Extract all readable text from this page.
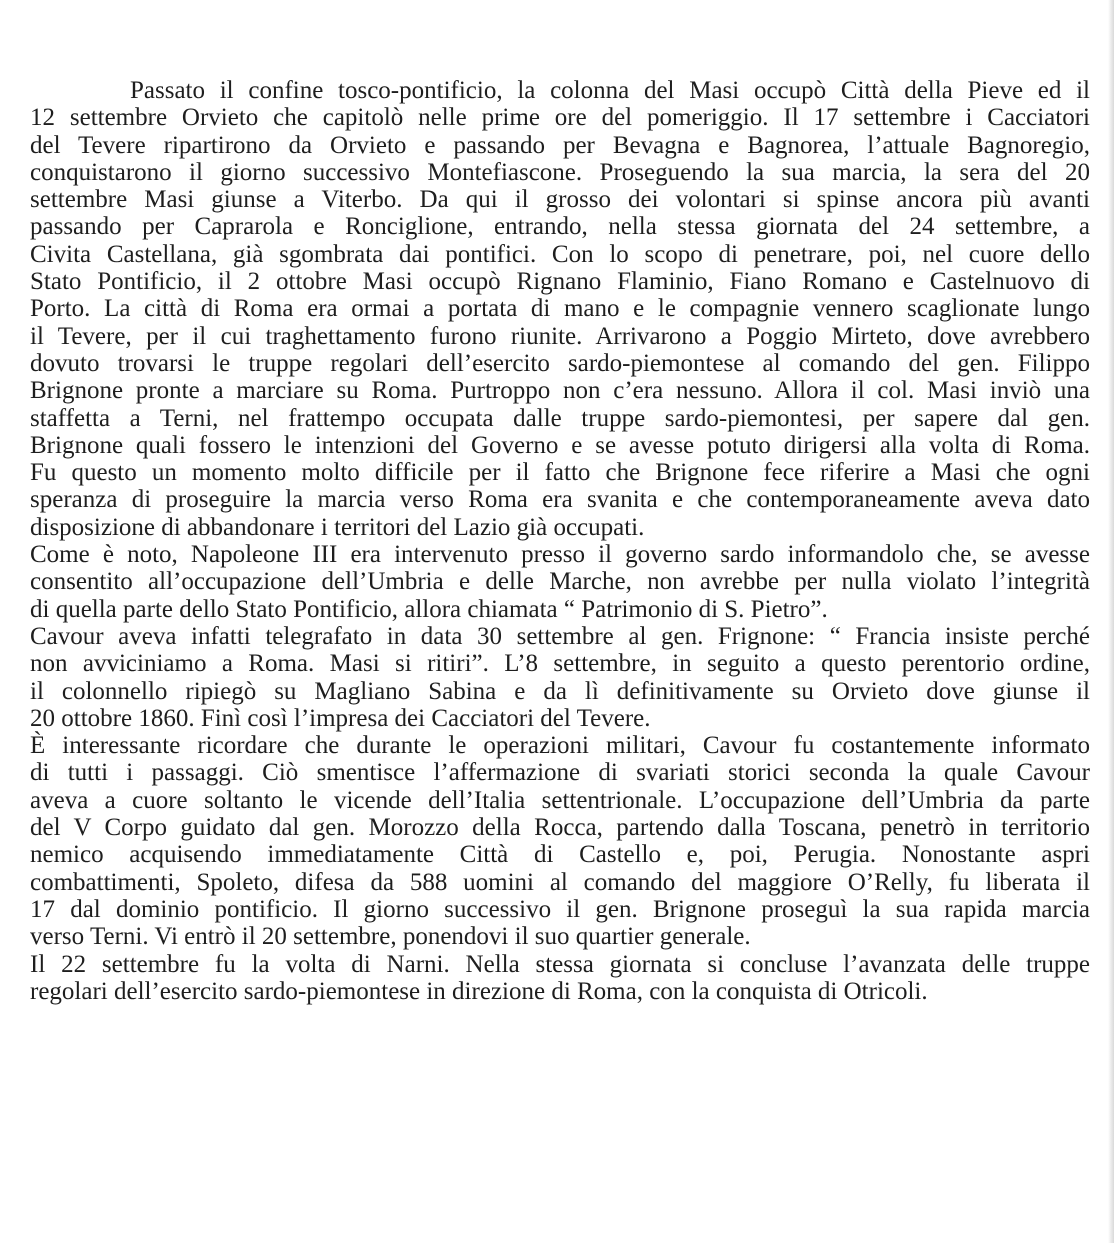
Passato il confine tosco-pontificio, la colonna del Masi occupò Città della Pieve ed il
12 settembre Orvieto che capitolò nelle prime ore del pomeriggio. Il 17 settembre i Cacciatori
del Tevere ripartirono da Orvieto e passando per Bevagna e Bagnorea, l’attuale Bagnoregio,
conquistarono il giorno successivo Montefiascone. Proseguendo la sua marcia, la sera del 20
settembre Masi giunse a Viterbo. Da qui il grosso dei volontari si spinse ancora più avanti
passando per Caprarola e Ronciglione, entrando, nella stessa giornata del 24 settembre, a
Civita Castellana, già sgombrata dai pontifici. Con lo scopo di penetrare, poi, nel cuore dello
Stato Pontificio, il 2 ottobre Masi occupò Rignano Flaminio, Fiano Romano e Castelnuovo di
Porto. La città di Roma era ormai a portata di mano e le compagnie vennero scaglionate lungo
il Tevere, per il cui traghettamento furono riunite. Arrivarono a Poggio Mirteto, dove avrebbero
dovuto trovarsi le truppe regolari dell’esercito sardo-piemontese al comando del gen. Filippo
Brignone pronte a marciare su Roma. Purtroppo non c’era nessuno. Allora il col. Masi inviò una
staffetta a Terni, nel frattempo occupata dalle truppe sardo-piemontesi, per sapere dal gen.
Brignone quali fossero le intenzioni del Governo e se avesse potuto dirigersi alla volta di Roma.
Fu questo un momento molto difficile per il fatto che Brignone fece riferire a Masi che ogni
speranza di proseguire la marcia verso Roma era svanita e che contemporaneamente aveva dato
disposizione di abbandonare i territori del Lazio già occupati.
Come è noto, Napoleone III era intervenuto presso il governo sardo informandolo che, se avesse
consentito all’occupazione dell’Umbria e delle Marche, non avrebbe per nulla violato l’integrità
di quella parte dello Stato Pontificio, allora chiamata “ Patrimonio di S. Pietro”.
Cavour aveva infatti telegrafato in data 30 settembre al gen. Frignone: “ Francia insiste perché
non avviciniamo a Roma. Masi si ritiri”. L’8 settembre, in seguito a questo perentorio ordine,
il colonnello ripiegò su Magliano Sabina e da lì definitivamente su Orvieto dove giunse il
20 ottobre 1860. Finì così l’impresa dei Cacciatori del Tevere.
È interessante ricordare che durante le operazioni militari, Cavour fu costantemente informato
di tutti i passaggi. Ciò smentisce l’affermazione di svariati storici seconda la quale Cavour
aveva a cuore soltanto le vicende dell’Italia settentrionale. L’occupazione dell’Umbria da parte
del V Corpo guidato dal gen. Morozzo della Rocca, partendo dalla Toscana, penetrò in territorio
nemico acquisendo immediatamente Città di Castello e, poi, Perugia. Nonostante aspri
combattimenti, Spoleto, difesa da 588 uomini al comando del maggiore O’Relly, fu liberata il
17 dal dominio pontificio. Il giorno successivo il gen. Brignone proseguì la sua rapida marcia
verso Terni. Vi entrò il 20 settembre, ponendovi il suo quartier generale.
Il 22 settembre fu la volta di Narni. Nella stessa giornata si concluse l’avanzata delle truppe
regolari dell’esercito sardo-piemontese in direzione di Roma, con la conquista di Otricoli.
